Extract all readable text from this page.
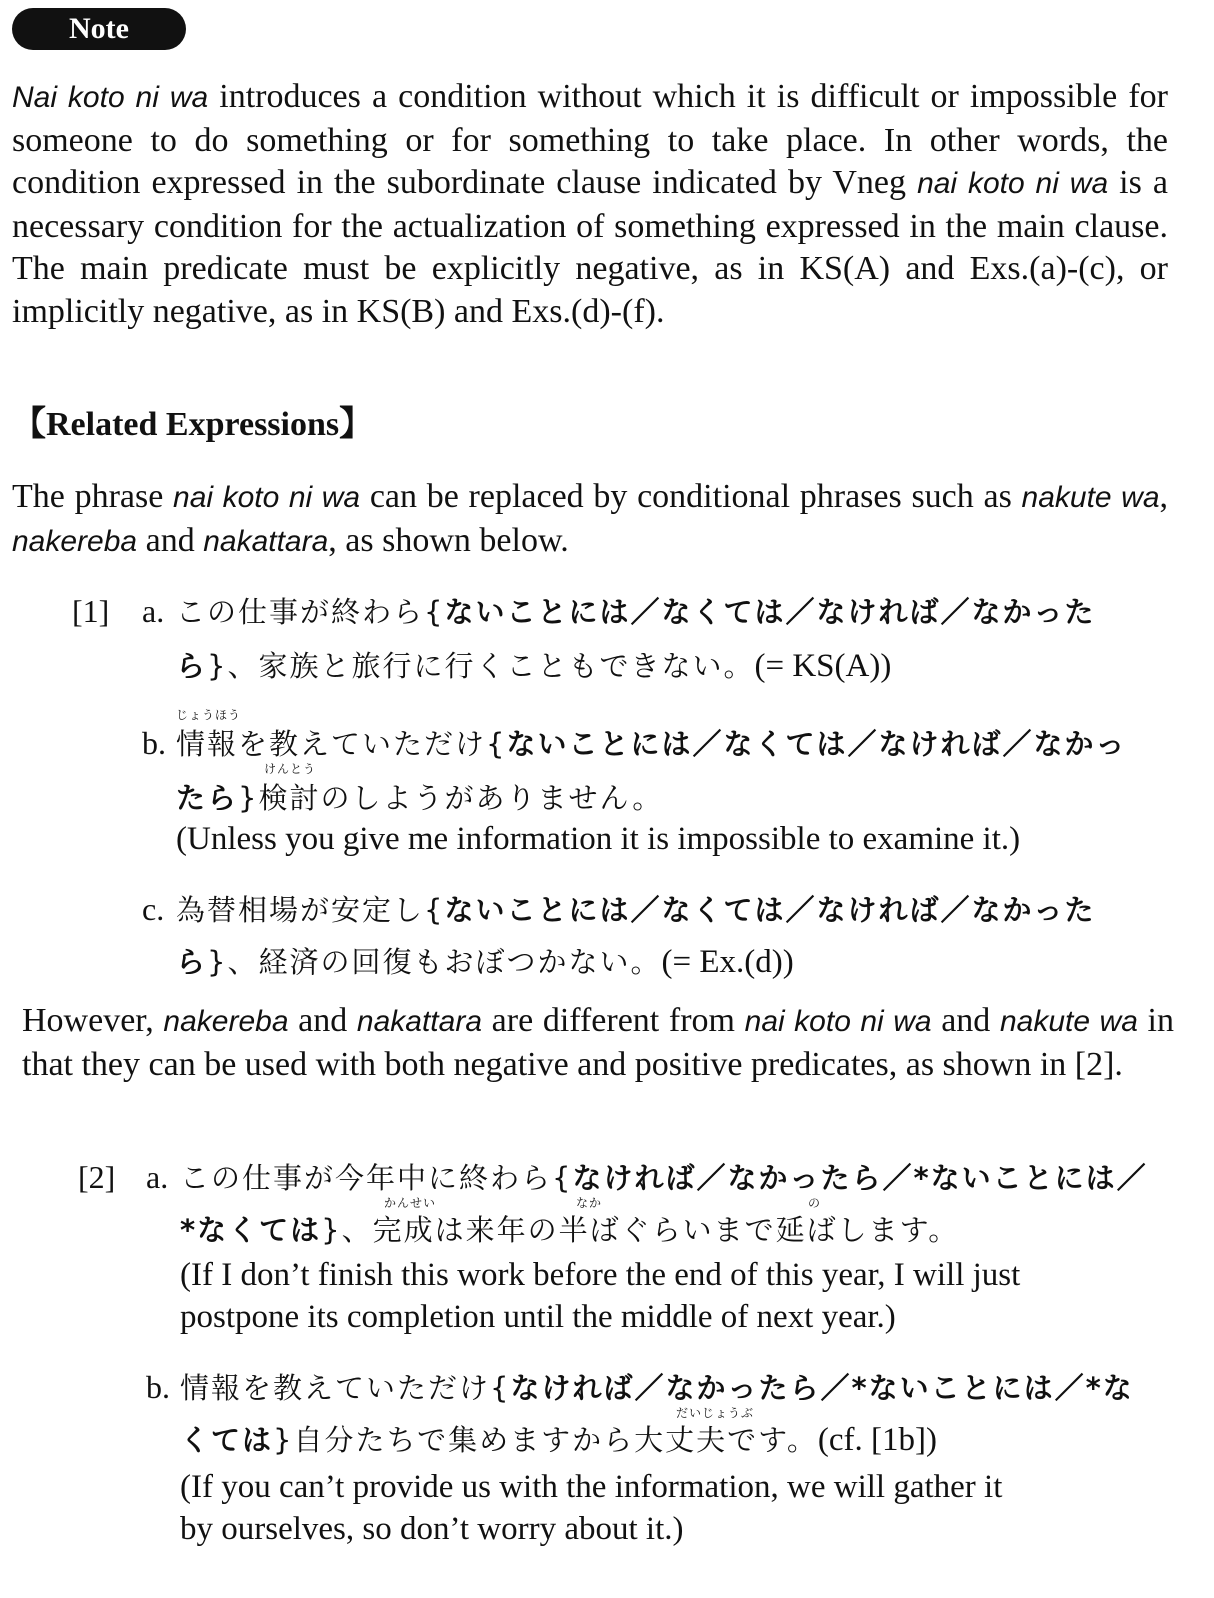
Note
Nai koto ni wa introduces a condition without which it is difficult or impossible for someone to do something or for something to take place. In other words, the condition expressed in the subordinate clause indicated by Vneg nai koto ni wa is a necessary condition for the actualization of something expressed in the main clause. The main predicate must be explicitly negative, as in KS(A) and Exs.(a)-(c), or implicitly negative, as in KS(B) and Exs.(d)-(f).
【Related Expressions】
The phrase nai koto ni wa can be replaced by conditional phrases such as nakute wa, nakereba and nakattara, as shown below.
[1]	a. この仕事が終わら{ないことには／なくては／なければ／なかった
ら}、家族と旅行に行くこともできない。(= KS(A))
じょうほう
b. 情報を教えていただけ{ないことには／なくては／なければ／なかっ
けんとう
たら}検討のしようがありません。
(Unless you give me information it is impossible to examine it.)
c. 為替相場が安定し{ないことには／なくては／なければ／なかった
ら}、経済の回復もおぼつかない。(= Ex.(d))
However, nakereba and nakattara are different from nai koto ni wa and nakute wa in that they can be used with both negative and positive predicates, as shown in [2].
[2] a. この仕事が今年中に終わら{なければ／なかったら／*ないことには／
かんせい	なか	の
*なくては}、完成は来年の半ばぐらいまで延ばします。
(If I don’t finish this work before the end of this year, I will just
postpone its completion until the middle of next year.)
b. 情報を教えていただけ{なければ／なかったら／*ないことには／*な
だいじょうぶ
くては}自分たちで集めますから大丈夫です。(cf. [1b])
(If you can’t provide us with the information, we will gather it
by ourselves, so don’t worry about it.)
